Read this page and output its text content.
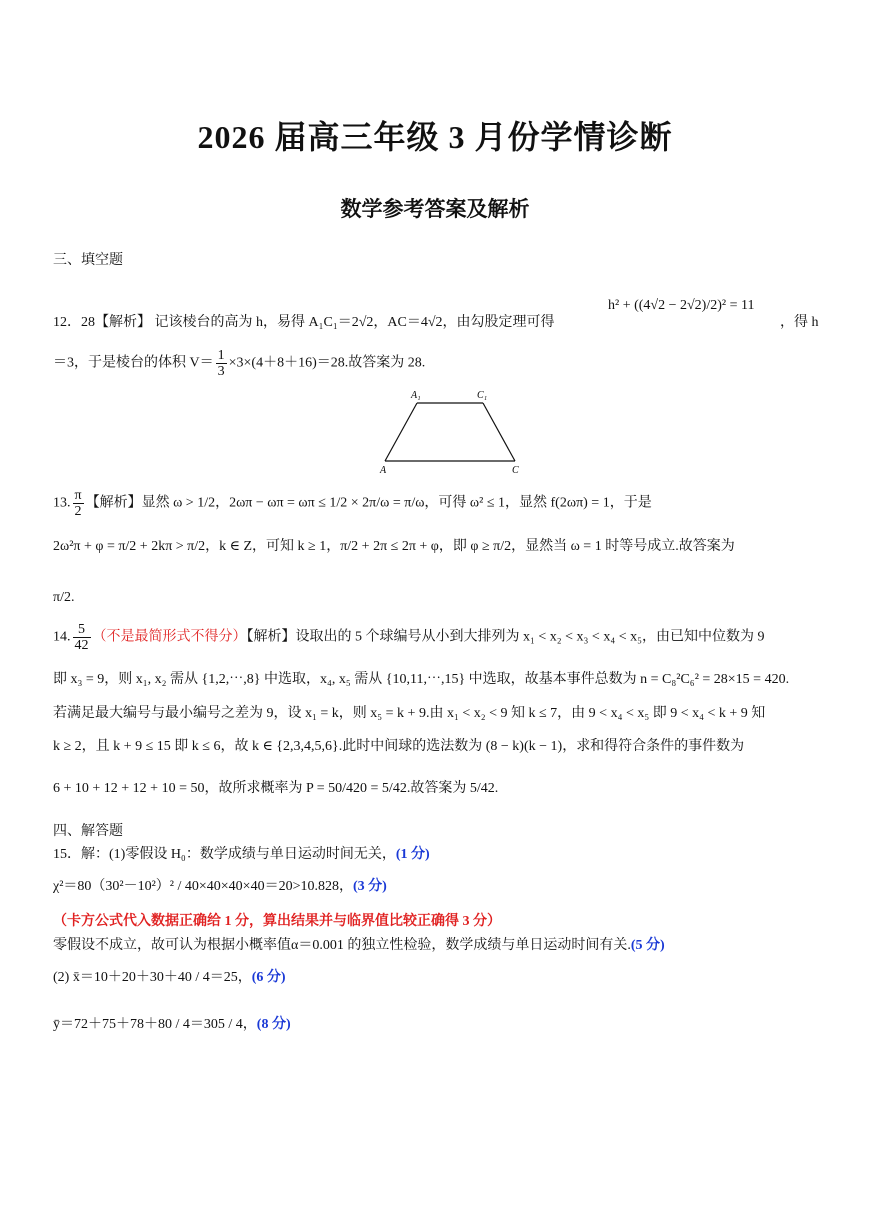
2026 届高三年级 3 月份学情诊断
数学参考答案及解析
三、填空题
12．28【解析】 记该棱台的高为 h，易得 A₁C₁＝2√2，AC＝4√2，由勾股定理可得
h² + ((4√2 − 2√2)/2)² = 11
，得 h
＝3，于是棱台的体积 $V= \frac{1}{3} \times 3\times(4+8+16)=28$.故答案为 28.
A₁	C₁
A	C
13. $\frac{\pi}{2}$ 【解析】显然 ω > 1/2，2ωπ − ωπ = ωπ ≤ 1/2 × 2π/ω = π/ω，可得 ω² ≤ 1，显然 f(2ωπ) = 1，于是
2ω²π + φ = π/2 + 2kπ > π/2，k ∈ Z，可知 k ≥ 1，π/2 + 2π ≤ 2π + φ，即 φ ≥ π/2，显然当 ω = 1 时等号成立.故答案为
π/2.
14. $\frac{5}{42}$ （不是最简形式不得分）【解析】设取出的 5 个球编号从小到大排列为 x₁ < x₂ < x₃ < x₄ < x₅，由已知中位数为 9
即 x₃ = 9，则 x₁, x₂ 需从 {1,2,⋯,8} 中选取，x₄, x₅ 需从 {10,11,⋯,15} 中选取，故基本事件总数为 n = C₈²C₆² = 28×15 = 420.
若满足最大编号与最小编号之差为 9，设 x₁ = k，则 x₅ = k + 9.由 x₁ < x₂ < 9 知 k ≤ 7，由 9 < x₄ < x₅ 即 9 < x₄ < k + 9 知
k ≥ 2，且 k + 9 ≤ 15 即 k ≤ 6，故 k ∈ {2,3,4,5,6}.此时中间球的选法数为 (8 − k)(k − 1)，求和得符合条件的事件数为
6 + 10 + 12 + 12 + 10 = 50，故所求概率为 P = 50/420 = 5/42.故答案为 5/42.
四、解答题
15．解：(1)零假设 H₀：数学成绩与单日运动时间无关，(1 分)
χ²＝80（30²－10²）² / 40×40×40×40＝20>10.828，(3 分)
（卡方公式代入数据正确给 1 分，算出结果并与临界值比较正确得 3 分）
零假设不成立，故可认为根据小概率值α＝0.001 的独立性检验，数学成绩与单日运动时间有关.(5 分)
(2) x̄＝10＋20＋30＋40 / 4＝25，(6 分)
ȳ＝72＋75＋78＋80 / 4＝305 / 4，(8 分)
